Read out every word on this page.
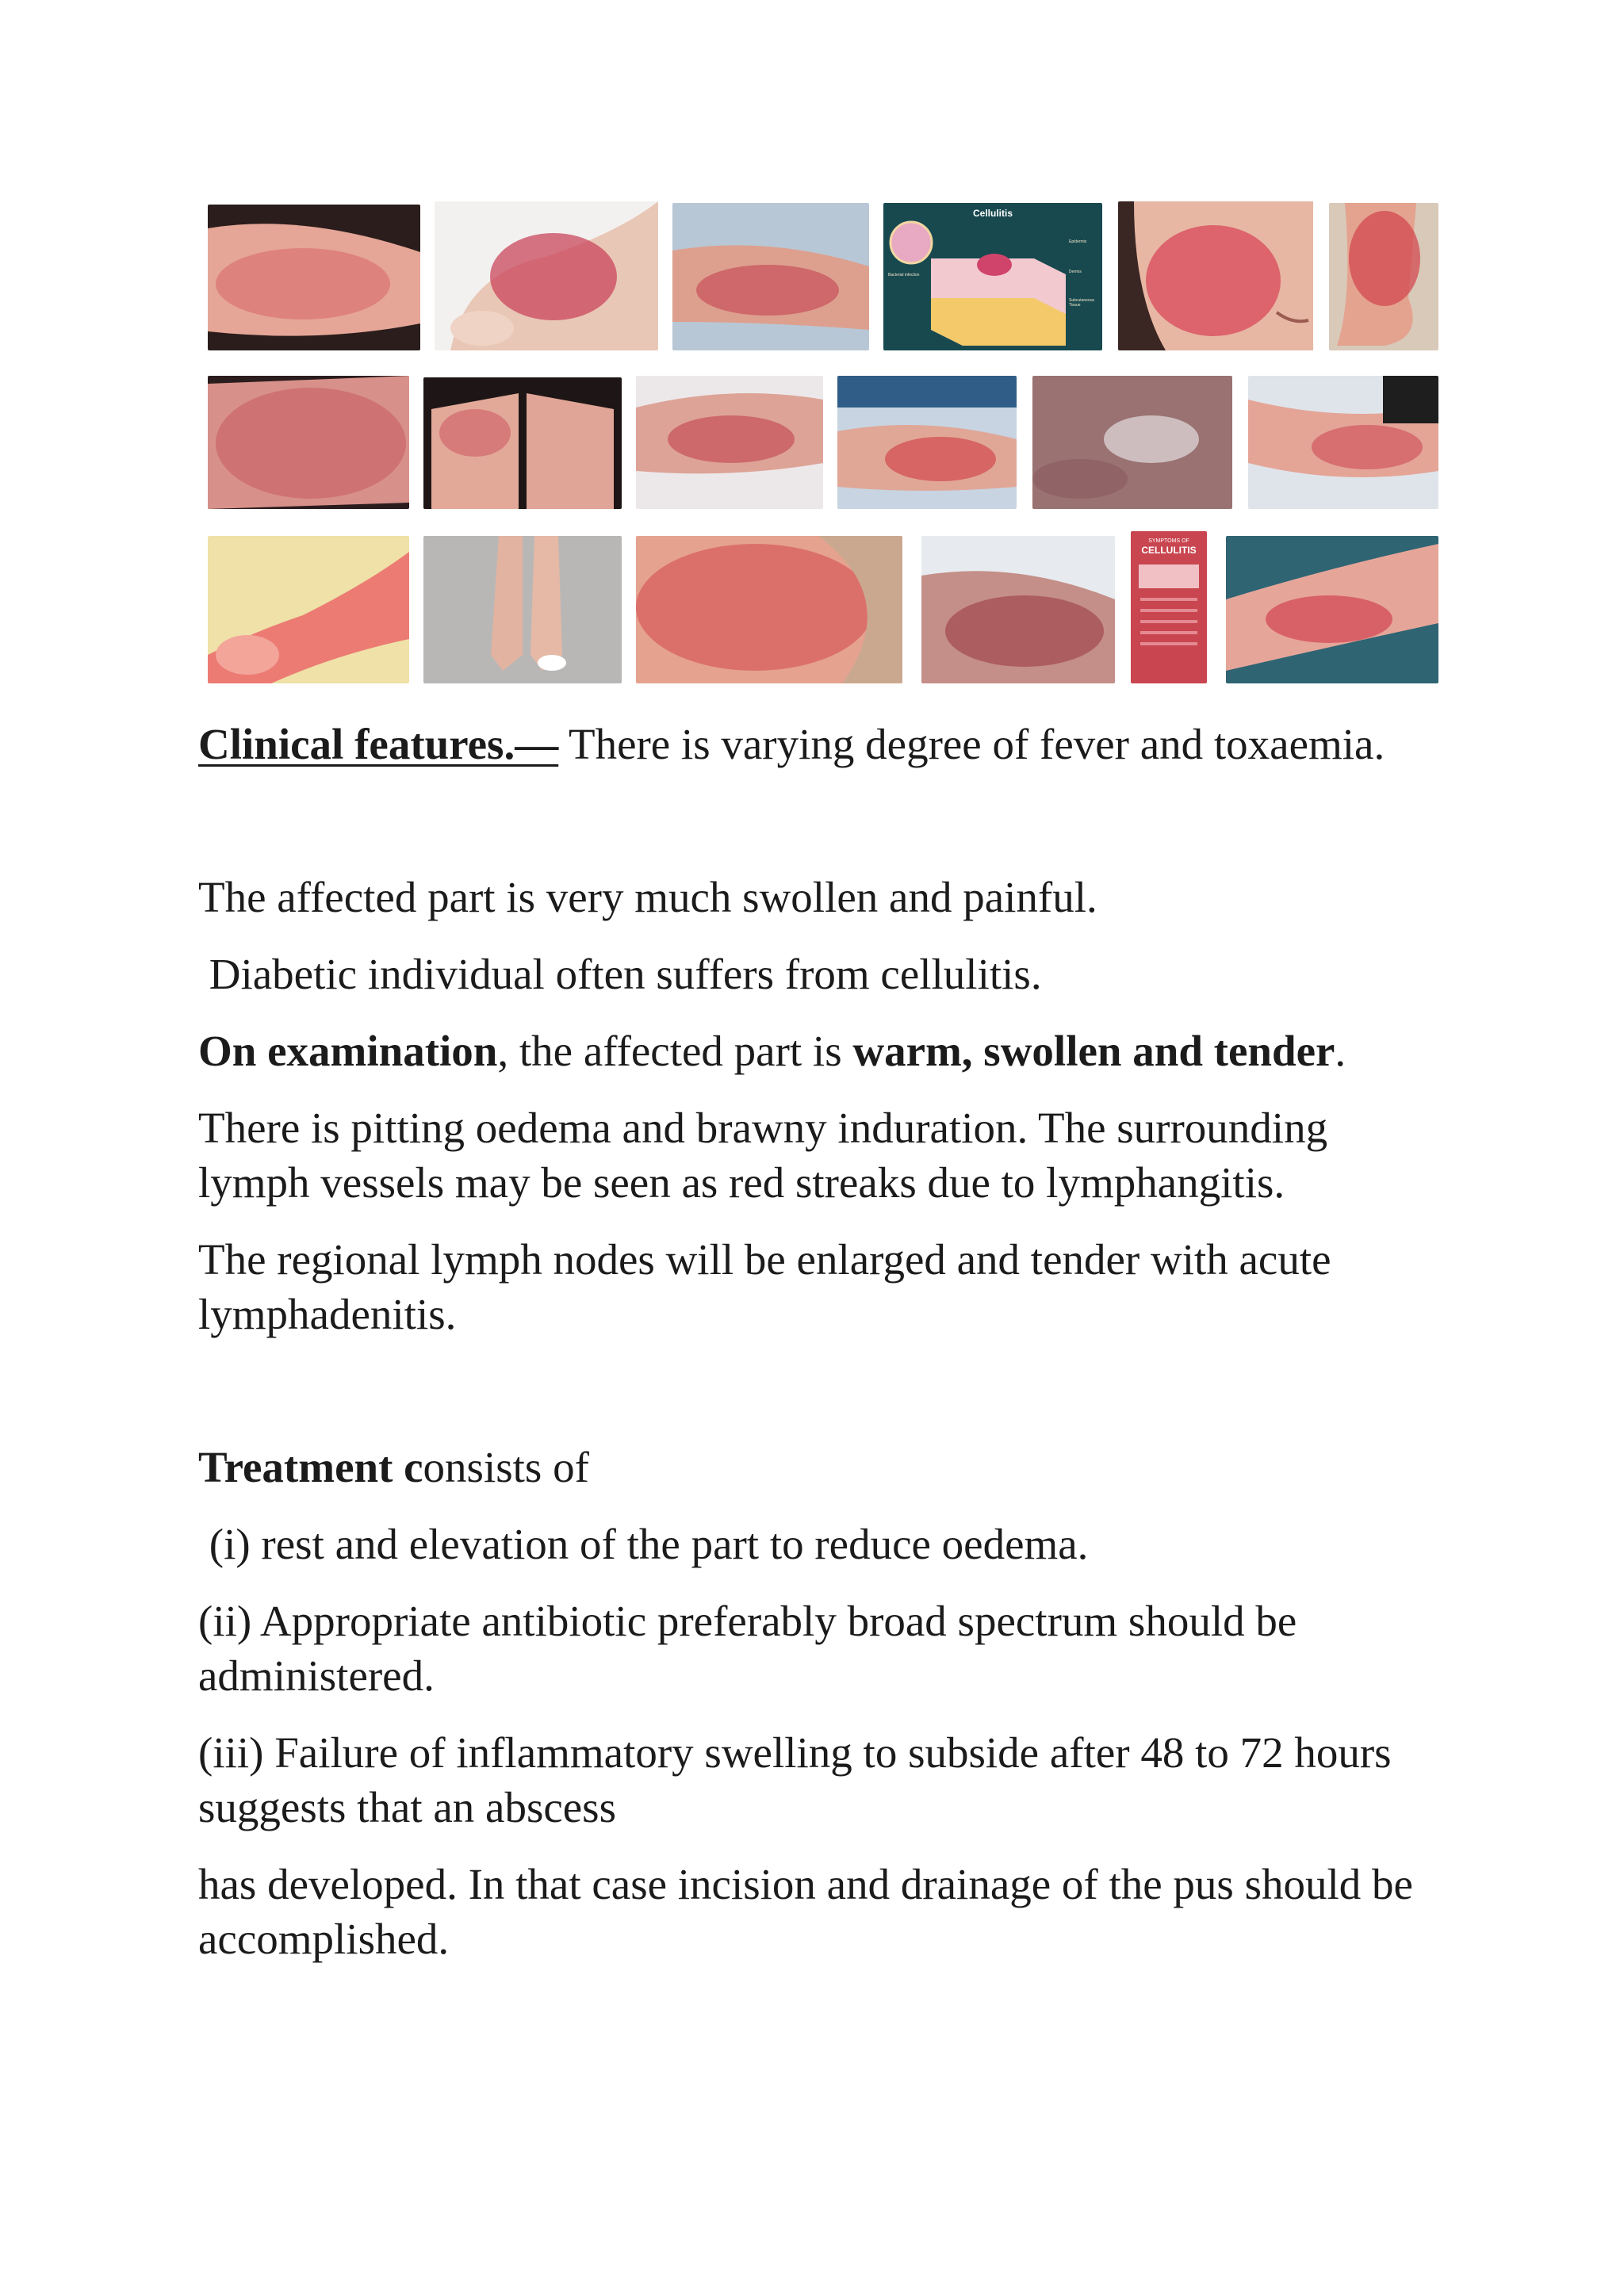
SYMPTOMS OF
CELLULITIS
Cellulitis
Bacterial infection
Epidermis
Dermis
Subcutaneous Tissue

Clinical features.— There is varying degree of fever and toxaemia.

The affected part is very much swollen and painful.

Diabetic individual often suffers from cellulitis.

On examination, the affected part is warm, swollen and tender.

There is pitting oedema and brawny induration. The surrounding lymph vessels may be seen as red streaks due to lymphangitis.

The regional lymph nodes will be enlarged and tender with acute lymphadenitis.

Treatment consists of

(i) rest and elevation of the part to reduce oedema.

(ii) Appropriate antibiotic preferably broad spectrum should be administered.

(iii) Failure of inflammatory swelling to subside after 48 to 72 hours suggests that an abscess

has developed. In that case incision and drainage of the pus should be accomplished.
